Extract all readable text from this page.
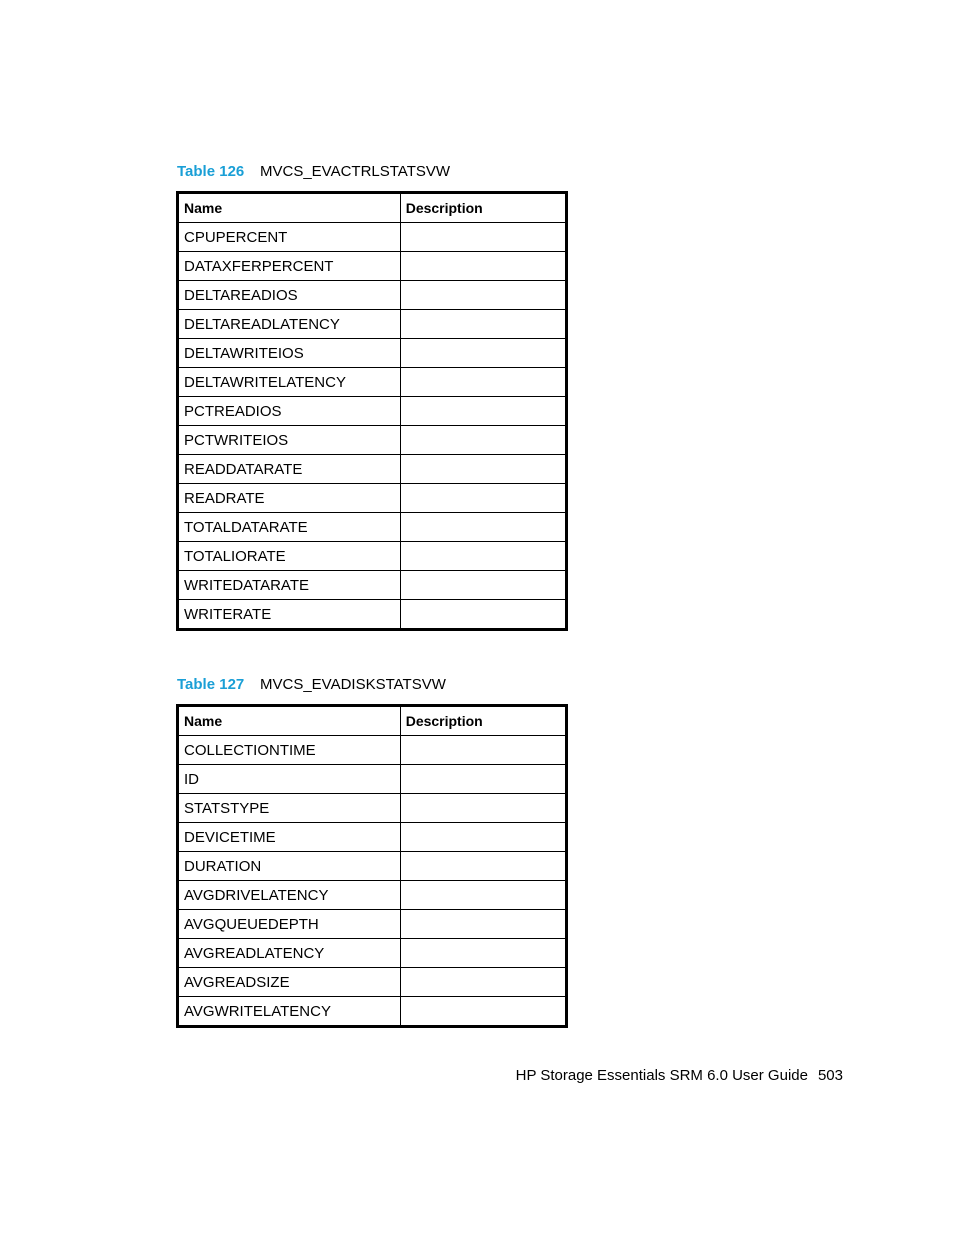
Table 126 MVCS_EVACTRLSTATSVW
Name	Description
CPUPERCENT	
DATAXFERPERCENT	
DELTAREADIOS	
DELTAREADLATENCY	
DELTAWRITEIOS	
DELTAWRITELATENCY	
PCTREADIOS	
PCTWRITEIOS	
READDATARATE	
READRATE	
TOTALDATARATE	
TOTALIORATE	
WRITEDATARATE	
WRITERATE	
Table 127 MVCS_EVADISKSTATSVW
Name	Description
COLLECTIONTIME	
ID	
STATSTYPE	
DEVICETIME	
DURATION	
AVGDRIVELATENCY	
AVGQUEUEDEPTH	
AVGREADLATENCY	
AVGREADSIZE	
AVGWRITELATENCY	
HP Storage Essentials SRM 6.0 User Guide 503
